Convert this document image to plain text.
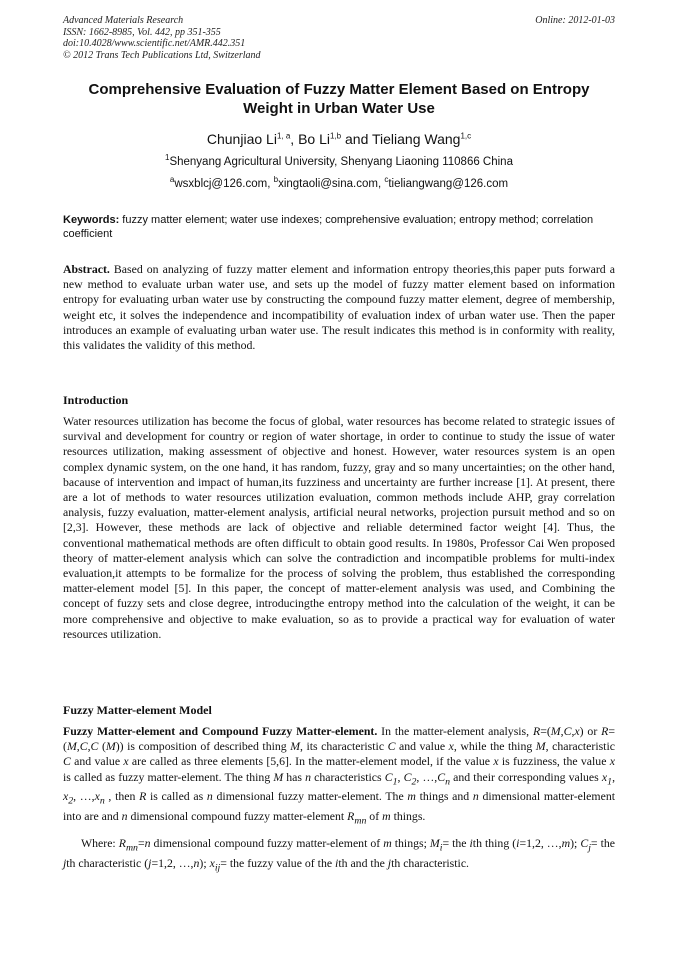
Advanced Materials Research
ISSN: 1662-8985, Vol. 442, pp 351-355
doi:10.4028/www.scientific.net/AMR.442.351
© 2012 Trans Tech Publications Ltd, Switzerland
Online: 2012-01-03
Comprehensive Evaluation of Fuzzy Matter Element Based on Entropy Weight in Urban Water Use
Chunjiao Li$^{1, a}$, Bo Li$^{1,b}$ and Tieliang Wang$^{1,c}$
$^1$Shenyang Agricultural University, Shenyang Liaoning 110866 China
$^a$wsxblcj@126.com, $^b$xingtaoli@sina.com, $^c$tieliangwang@126.com
Keywords: fuzzy matter element; water use indexes; comprehensive evaluation; entropy method; correlation coefficient
Abstract. Based on analyzing of fuzzy matter element and information entropy theories,this paper puts forward a new method to evaluate urban water use, and sets up the model of fuzzy matter element based on information entropy for evaluating urban water use by constructing the compound fuzzy matter element, degree of membership, weight etc, it solves the independence and incompatibility of evaluation index of urban water use. Then the paper introduces an example of evaluating urban water use. The result indicates this method is in conformity with reality, this validates the validity of this method.
Introduction
Water resources utilization has become the focus of global, water resources has become related to strategic issues of survival and development for country or region of water shortage, in order to continue to study the issue of water resources utilization, making assessment of objective and honest. However, water resources system is an open complex dynamic system, on the one hand, it has random, fuzzy, gray and so many uncertainties; on the other hand, bacause of intervention and impact of human,its fuzziness and uncertainty are further increase [1]. At present, there are a lot of methods to water resources utilization evaluation, common methods include AHP, gray correlation analysis, fuzzy evaluation, matter-element analysis, artificial neural networks, projection pursuit method and so on [2,3]. However, these methods are lack of objective and reliable determined factor weight [4]. Thus, the conventional mathematical methods are often difficult to obtain good results. In 1980s, Professor Cai Wen proposed theory of matter-element analysis which can solve the contradiction and incompatible problems for multi-index evaluation,it attempts to be formalize for the process of solving the problem, thus established the corresponding matter-element model [5]. In this paper, the concept of matter-element analysis was used, and Combining the concept of fuzzy sets and close degree, introducingthe entropy method into the calculation of the weight, it can be more comprehensive and objective to make evaluation, so as to provide a practical way for evaluation of water resources utilization.
Fuzzy Matter-element Model
Fuzzy Matter-element and Compound Fuzzy Matter-element. In the matter-element analysis, R=(M,C,x) or R=(M,C,C (M)) is composition of described thing M, its characteristic C and value x, while the thing M, characteristic C and value x are called as three elements [5,6]. In the matter-element model, if the value x is fuzziness, the value x is called as fuzzy matter-element. The thing M has n characteristics $C_1$, $C_2$, $\dots,C_n$ and their corresponding values $x_1$, $x_2$, $\dots,x_n$ , then R is called as n dimensional fuzzy matter-element. The m things and n dimensional matter-element into are and n dimensional compound fuzzy matter-element $R_{mn}$ of m things.
Where: $R_{mn}=n$ dimensional compound fuzzy matter-element of m things; $M_i=$ the ith thing (i=1,2, …,m); $C_j=$ the jth characteristic (j=1,2, …,n); $x_{ij}=$ the fuzzy value of the ith and the jth characteristic.
